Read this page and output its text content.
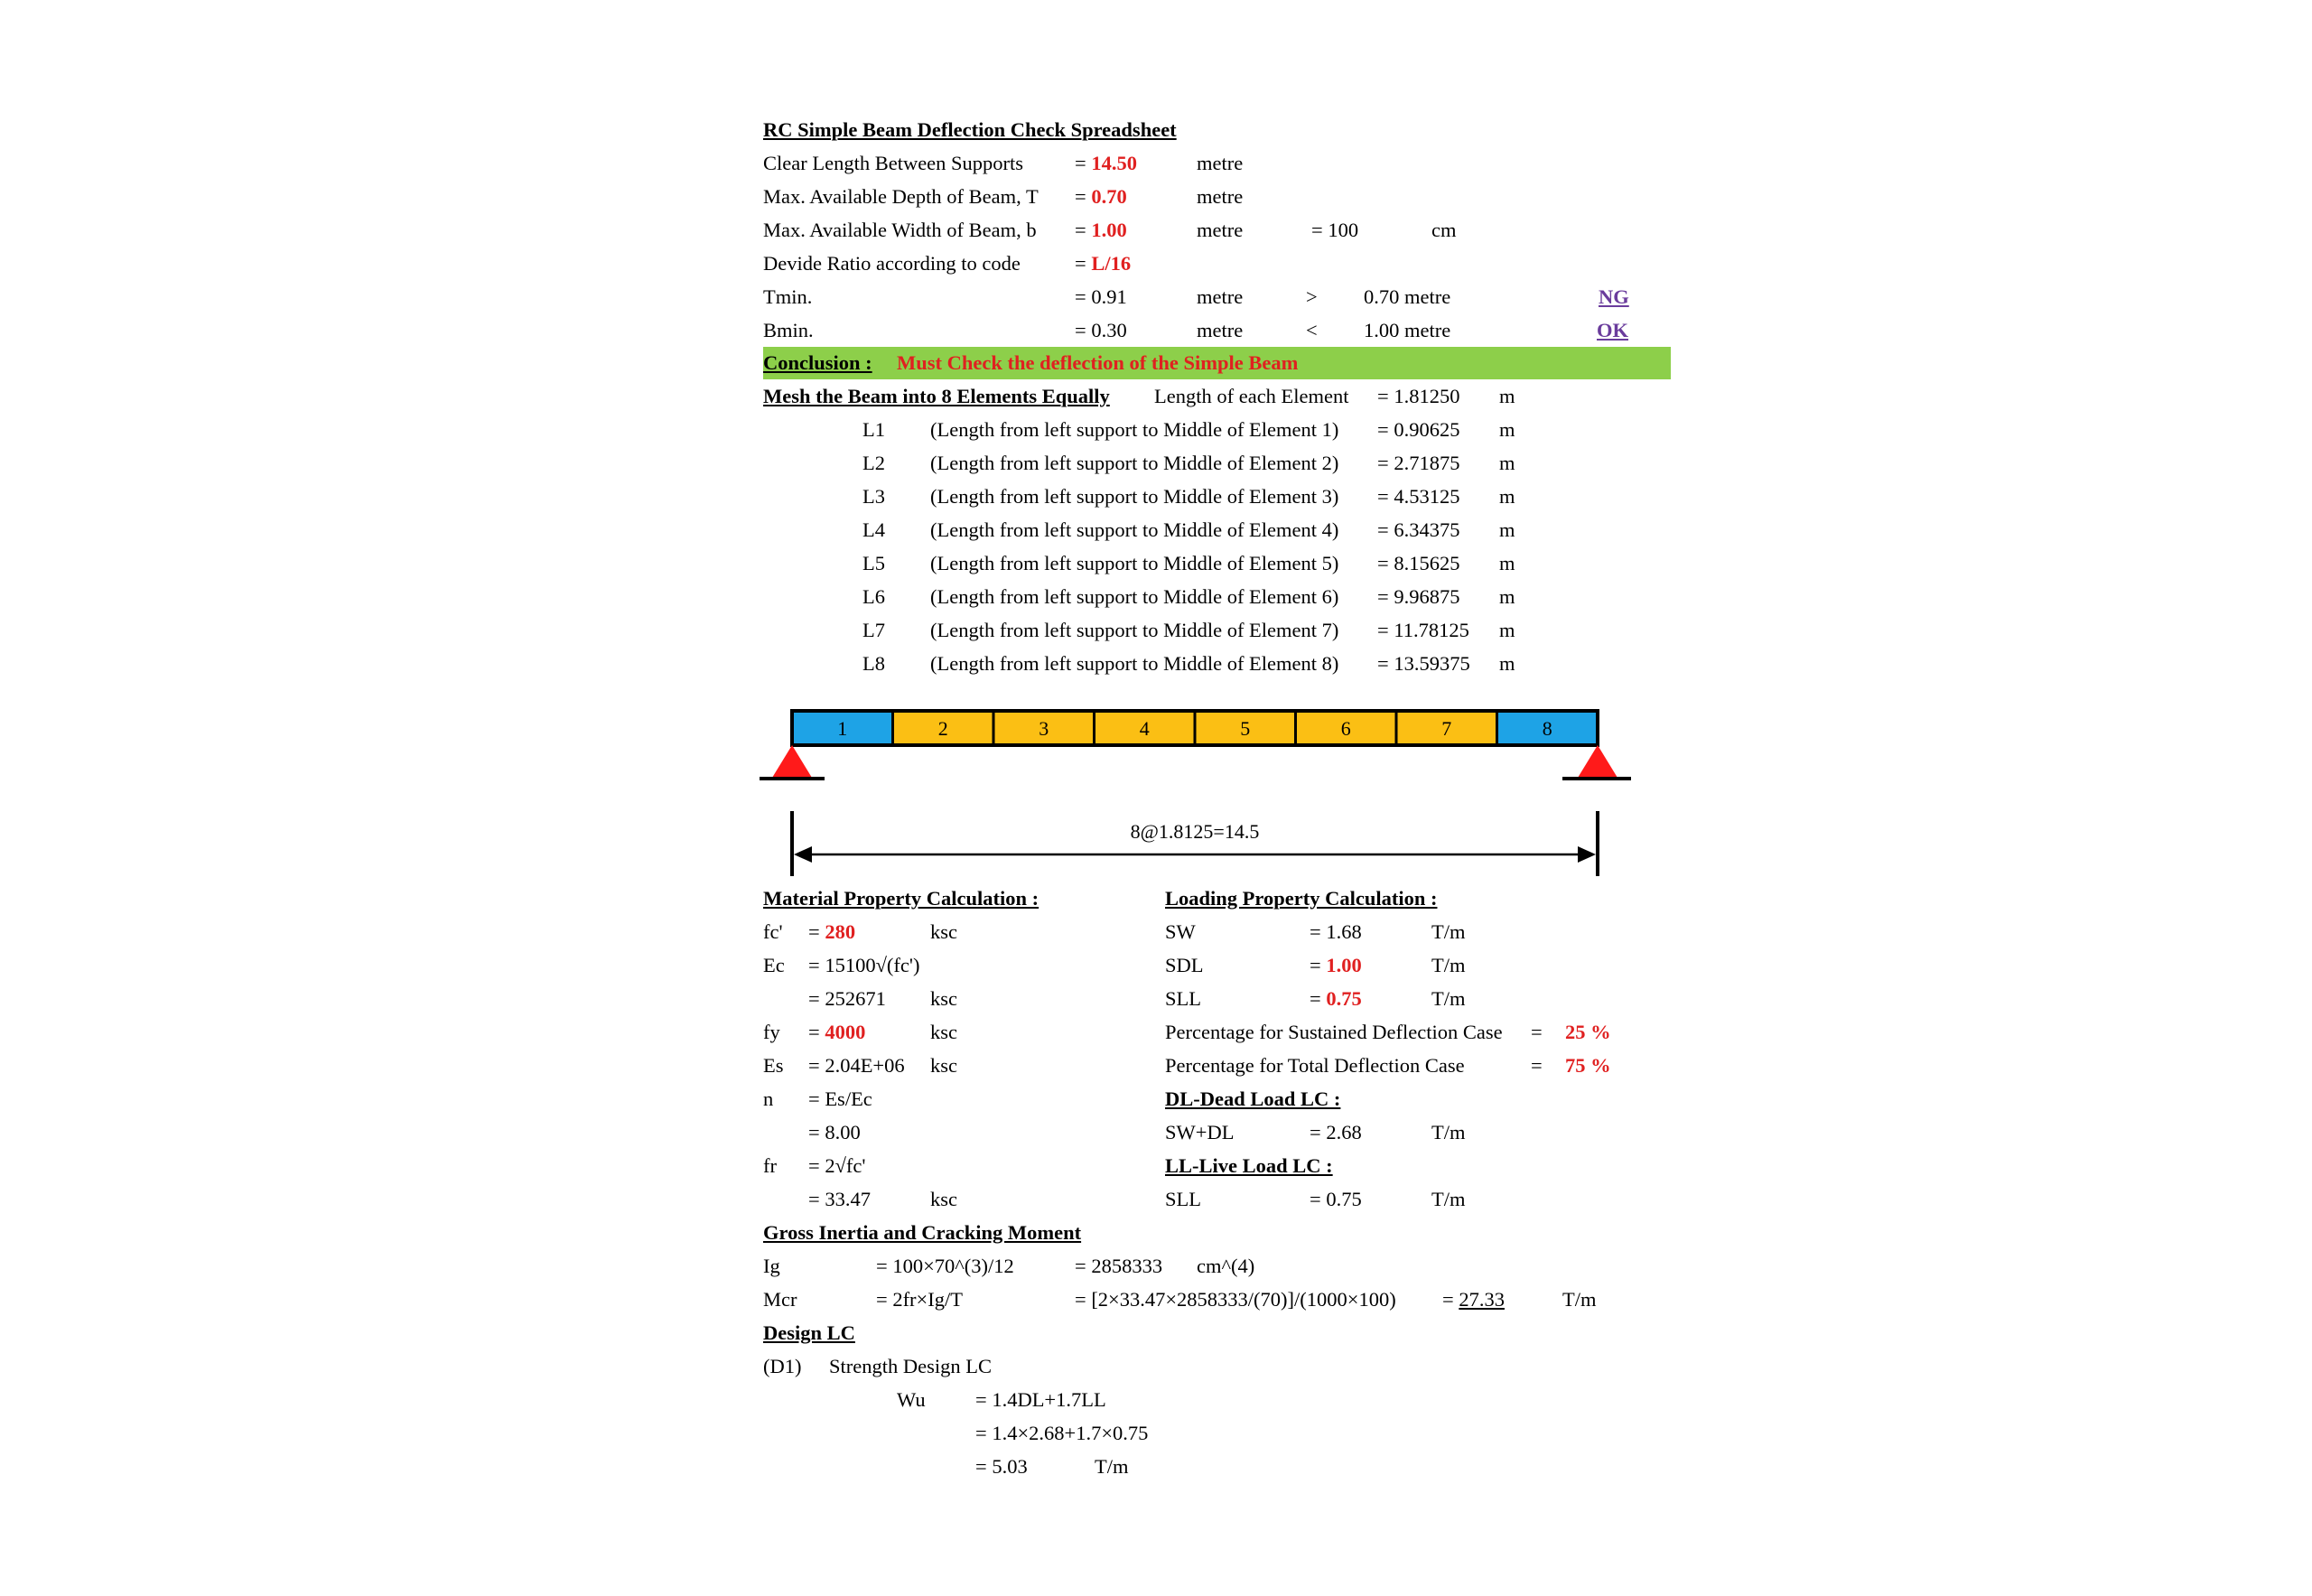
RC Simple Beam Deflection Check Spreadsheet
Clear Length Between Supports	= 14.50	metre
Max. Available Depth of Beam, T = 0.70	metre
Max. Available Width of Beam, b = 1.00	metre	= 100	cm
Devide Ratio according to code	= L/16
Tmin.	= 0.91	metre	> 0.70 metre	NG
Bmin.	= 0.30	metre	< 1.00 metre	OK
Conclusion : Must Check the deflection of the Simple Beam
Mesh the Beam into 8 Elements Equally Length of each Element = 1.81250 m
L1 (Length from left support to Middle of Element 1) = 0.90625 m
L2 (Length from left support to Middle of Element 2) = 2.71875 m
L3 (Length from left support to Middle of Element 3) = 4.53125 m
L4 (Length from left support to Middle of Element 4) = 6.34375 m
L5 (Length from left support to Middle of Element 5) = 8.15625 m
L6 (Length from left support to Middle of Element 6) = 9.96875 m
L7 (Length from left support to Middle of Element 7) = 11.78125 m
L8 (Length from left support to Middle of Element 8) = 13.59375 m
1	2	3	4	5	6	7	8
8@1.8125=14.5
Material Property Calculation :
fc' = 280	ksc
Ec = 15100√(fc')
= 252671 ksc
fy = 4000	ksc
Es = 2.04E+06 ksc
n = Es/Ec
= 8.00
fr = 2√fc'
= 33.47	ksc
Loading Property Calculation :
SW	= 1.68	T/m
SDL	= 1.00	T/m
SLL	= 0.75	T/m
Percentage for Sustained Deflection Case = 25 %
Percentage for Total Deflection Case	= 75 %
DL-Dead Load LC :
SW+DL	= 2.68	T/m
LL-Live Load LC :
SLL	= 0.75	T/m
Gross Inertia and Cracking Moment
Ig	= 100×70^(3)/12	= 2858333 cm^(4)
Mcr	= 2fr×Ig/T	= [2×33.47×2858333/(70)]/(1000×100) = 27.33	T/m
Design LC
(D1) Strength Design LC
Wu = 1.4DL+1.7LL
= 1.4×2.68+1.7×0.75
= 5.03	T/m
